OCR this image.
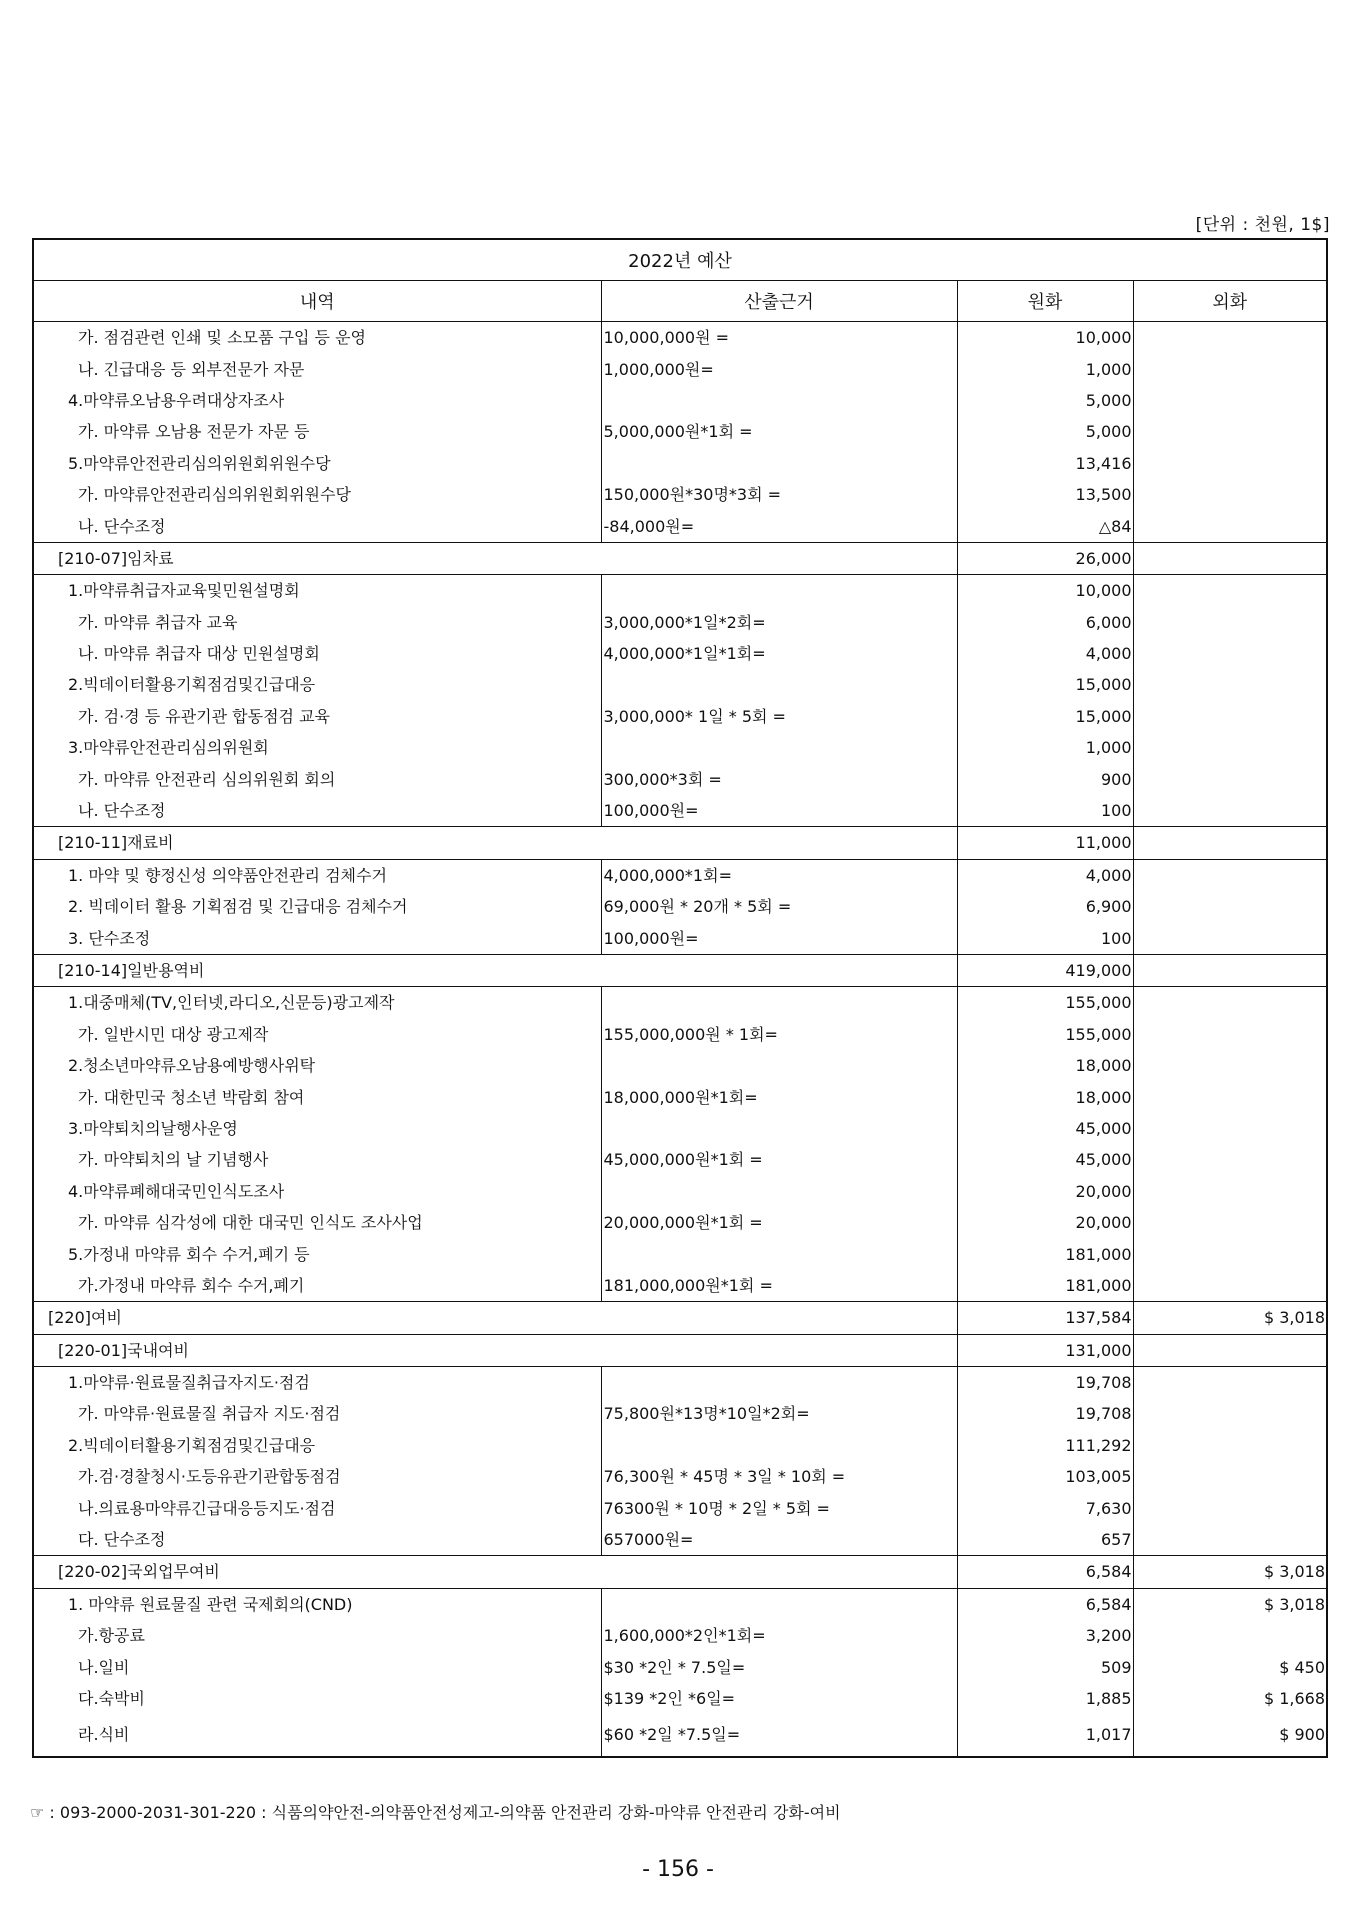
[단위 : 천원, 1$]
2022년 예산			
내역	산출근거	원화	외화
가. 점검관련 인쇄 및 소모품 구입 등 운영	10,000,000원 =	10,000	
나. 긴급대응 등 외부전문가 자문	1,000,000원=	1,000	
4.마약류오남용우려대상자조사		5,000	
가. 마약류 오남용 전문가 자문 등	5,000,000원*1회 =	5,000	
5.마약류안전관리심의위원회위원수당		13,416	
가. 마약류안전관리심의위원회위원수당	150,000원*30명*3회 =	13,500	
나. 단수조정	-84,000원=	△84	
[210-07]임차료		26,000	
1.마약류취급자교육및민원설명회		10,000	
가. 마약류 취급자 교육	3,000,000*1일*2회=	6,000	
나. 마약류 취급자 대상 민원설명회	4,000,000*1일*1회=	4,000	
2.빅데이터활용기획점검및긴급대응		15,000	
가. 검·경 등 유관기관 합동점검 교육	3,000,000* 1일 * 5회 =	15,000	
3.마약류안전관리심의위원회		1,000	
가. 마약류 안전관리 심의위원회 회의	300,000*3회 =	900	
나. 단수조정	100,000원=	100	
[210-11]재료비		11,000	
1. 마약 및 향정신성 의약품안전관리 검체수거	4,000,000*1회=	4,000	
2. 빅데이터 활용 기획점검 및 긴급대응 검체수거	69,000원 * 20개 * 5회 =	6,900	
3. 단수조정	100,000원=	100	
[210-14]일반용역비		419,000	
1.대중매체(TV,인터넷,라디오,신문등)광고제작		155,000	
가. 일반시민 대상 광고제작	155,000,000원 * 1회=	155,000	
2.청소년마약류오남용예방행사위탁		18,000	
가. 대한민국 청소년 박람회 참여	18,000,000원*1회=	18,000	
3.마약퇴치의날행사운영		45,000	
가. 마약퇴치의 날 기념행사	45,000,000원*1회 =	45,000	
4.마약류폐해대국민인식도조사		20,000	
가. 마약류 심각성에 대한 대국민 인식도 조사사업	20,000,000원*1회 =	20,000	
5.가정내 마약류 회수 수거,폐기 등		181,000	
가.가정내 마약류 회수 수거,폐기	181,000,000원*1회 =	181,000	
[220]여비		137,584	$ 3,018
[220-01]국내여비		131,000	
1.마약류·원료물질취급자지도·점검		19,708	
가. 마약류·원료물질 취급자 지도·점검	75,800원*13명*10일*2회=	19,708	
2.빅데이터활용기획점검및긴급대응		111,292	
가.검·경찰청시·도등유관기관합동점검	76,300원 * 45명 * 3일 * 10회 =	103,005	
나.의료용마약류긴급대응등지도·점검	76300원 * 10명 * 2일 * 5회 =	7,630	
다. 단수조정	657000원=	657	
[220-02]국외업무여비		6,584	$ 3,018
1. 마약류 원료물질 관련 국제회의(CND)		6,584	$ 3,018
가.항공료	1,600,000*2인*1회=	3,200	
나.일비	$30 *2인 * 7.5일=	509	$ 450
다.숙박비	$139 *2인 *6일=	1,885	$ 1,668
라.식비	$60 *2일 *7.5일=	1,017	$ 900
☞ : 093-2000-2031-301-220 : 식품의약안전-의약품안전성제고-의약품 안전관리 강화-마약류 안전관리 강화-여비
- 156 -
